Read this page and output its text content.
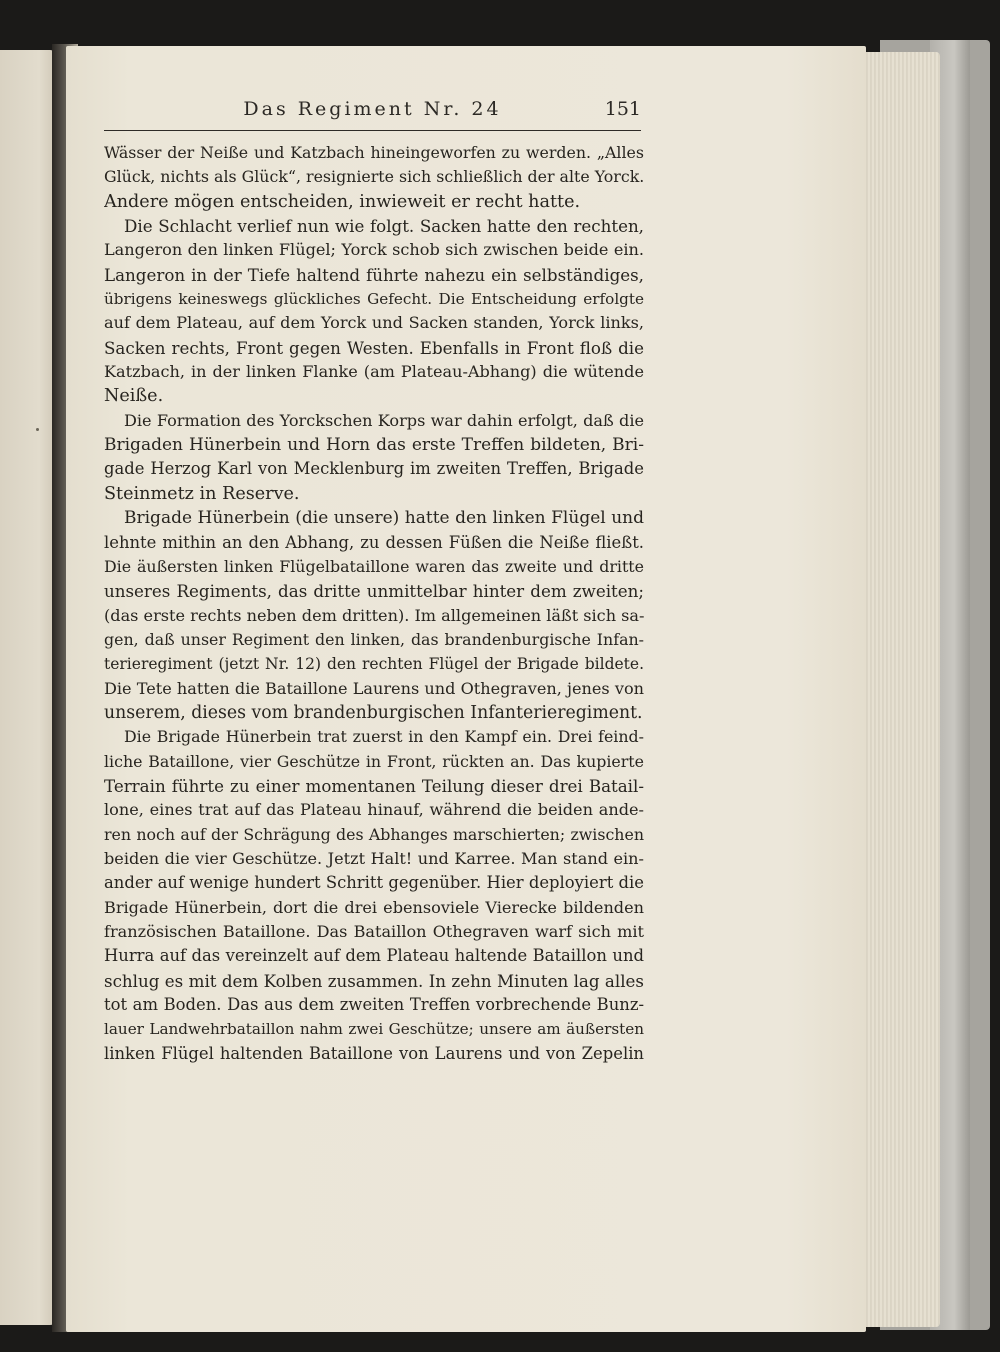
Das Regiment Nr. 24	151
Wässer der Neiße und Katzbach hineingeworfen zu werden. „Alles
Glück, nichts als Glück“, resignierte sich schließlich der alte Yorck.
Andere mögen entscheiden, inwieweit er recht hatte.
Die Schlacht verlief nun wie folgt. Sacken hatte den rechten,
Langeron den linken Flügel; Yorck schob sich zwischen beide ein.
Langeron in der Tiefe haltend führte nahezu ein selbständiges,
übrigens keineswegs glückliches Gefecht. Die Entscheidung erfolgte
auf dem Plateau, auf dem Yorck und Sacken standen, Yorck links,
Sacken rechts, Front gegen Westen. Ebenfalls in Front floß die
Katzbach, in der linken Flanke (am Plateau-Abhang) die wütende
Neiße.
Die Formation des Yorckschen Korps war dahin erfolgt, daß die
Brigaden Hünerbein und Horn das erste Treffen bildeten, Bri-
gade Herzog Karl von Mecklenburg im zweiten Treffen, Brigade
Steinmetz in Reserve.
Brigade Hünerbein (die unsere) hatte den linken Flügel und
lehnte mithin an den Abhang, zu dessen Füßen die Neiße fließt.
Die äußersten linken Flügelbataillone waren das zweite und dritte
unseres Regiments, das dritte unmittelbar hinter dem zweiten;
(das erste rechts neben dem dritten). Im allgemeinen läßt sich sa-
gen, daß unser Regiment den linken, das brandenburgische Infan-
terieregiment (jetzt Nr. 12) den rechten Flügel der Brigade bildete.
Die Tete hatten die Bataillone Laurens und Othegraven, jenes von
unserem, dieses vom brandenburgischen Infanterieregiment.
Die Brigade Hünerbein trat zuerst in den Kampf ein. Drei feind-
liche Bataillone, vier Geschütze in Front, rückten an. Das kupierte
Terrain führte zu einer momentanen Teilung dieser drei Batail-
lone, eines trat auf das Plateau hinauf, während die beiden ande-
ren noch auf der Schrägung des Abhanges marschierten; zwischen
beiden die vier Geschütze. Jetzt Halt! und Karree. Man stand ein-
ander auf wenige hundert Schritt gegenüber. Hier deployiert die
Brigade Hünerbein, dort die drei ebensoviele Vierecke bildenden
französischen Bataillone. Das Bataillon Othegraven warf sich mit
Hurra auf das vereinzelt auf dem Plateau haltende Bataillon und
schlug es mit dem Kolben zusammen. In zehn Minuten lag alles
tot am Boden. Das aus dem zweiten Treffen vorbrechende Bunz-
lauer Landwehrbataillon nahm zwei Geschütze; unsere am äußersten
linken Flügel haltenden Bataillone von Laurens und von Zepelin
